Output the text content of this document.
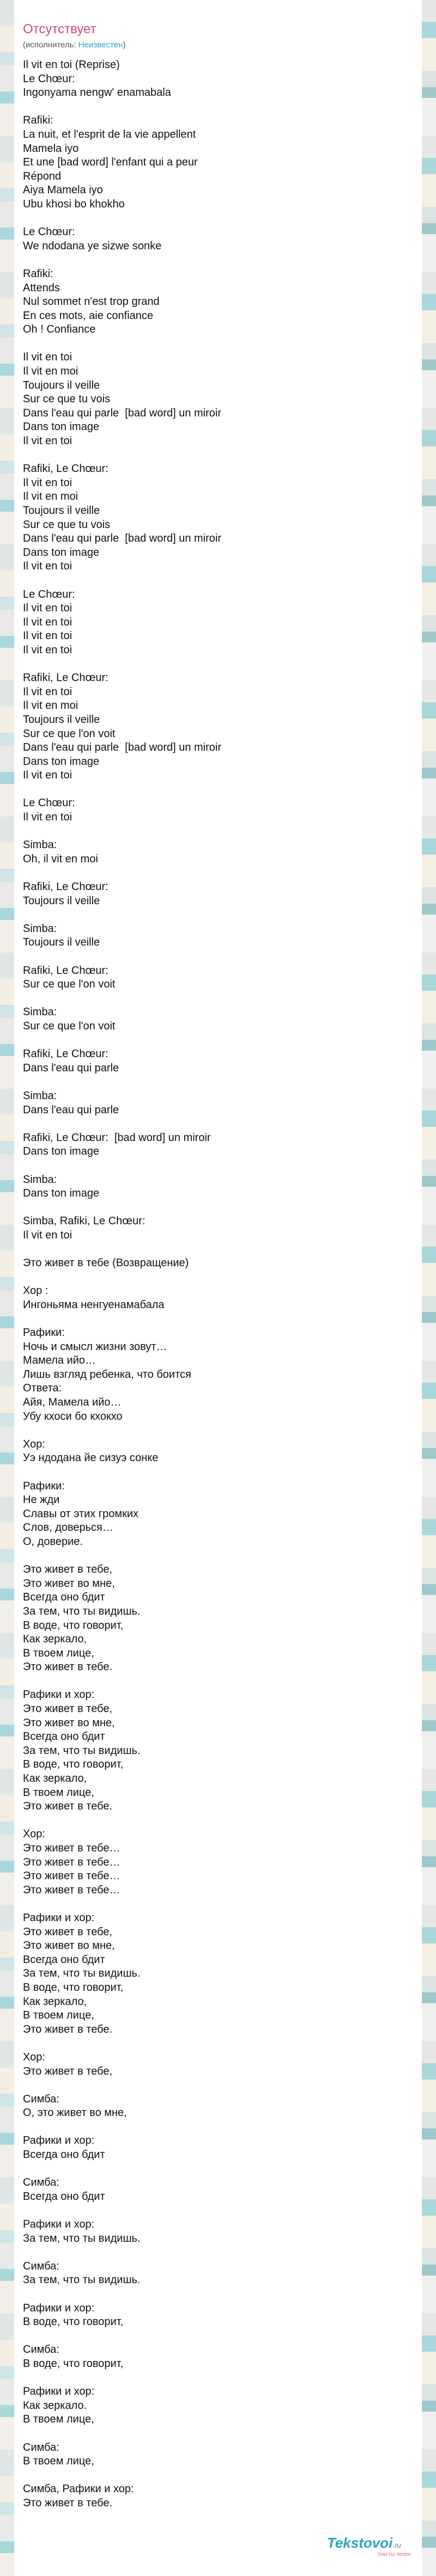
Отсутствует
(исполнитель: Неизвестен)
Il vit en toi (Reprise)
Le Chœur:
Ingonyama nengw' enamabala
Rafiki:
La nuit, et l'esprit de la vie appellent
Mamela iyo
Et une [bad word] l'enfant qui a peur
Répond
Aiya Mamela iyo
Ubu khosi bo khokho
Le Chœur:
We ndodana ye sizwe sonke
Rafiki:
Attends
Nul sommet n'est trop grand
En ces mots, aie confiance
Oh ! Confiance
Il vit en toi
Il vit en moi
Toujours il veille
Sur ce que tu vois
Dans l'eau qui parle  [bad word] un miroir
Dans ton image
Il vit en toi
Rafiki, Le Chœur:
Il vit en toi
Il vit en moi
Toujours il veille
Sur ce que tu vois
Dans l'eau qui parle  [bad word] un miroir
Dans ton image
Il vit en toi
Le Chœur:
Il vit en toi
Il vit en toi
Il vit en toi
Il vit en toi
Rafiki, Le Chœur:
Il vit en toi
Il vit en moi
Toujours il veille
Sur ce que l'on voit
Dans l'eau qui parle  [bad word] un miroir
Dans ton image
Il vit en toi
Le Chœur:
Il vit en toi
Simba:
Oh, il vit en moi
Rafiki, Le Chœur:
Toujours il veille
Simba:
Toujours il veille
Rafiki, Le Chœur:
Sur ce que l'on voit
Simba:
Sur ce que l'on voit
Rafiki, Le Chœur:
Dans l'eau qui parle
Simba:
Dans l'eau qui parle
Rafiki, Le Chœur:  [bad word] un miroir
Dans ton image
Simba:
Dans ton image
Simba, Rafiki, Le Chœur:
Il vit en toi
Это живет в тебе (Возвращение)
Хор :
Ингоньяма ненгуенамабала
Рафики:
Ночь и смысл жизни зовут…
Мамела ийо…
Лишь взгляд ребенка, что боится
Ответа:
Айя, Мамела ийо…
Убу кхоси бо кхокхо
Хор:
Уэ ндодана йе сизуэ сонке
Рафики:
Не жди
Славы от этих громких
Слов, доверься…
О, доверие.
Это живет в тебе,
Это живет во мне,
Всегда оно бдит
За тем, что ты видишь.
В воде, что говорит,
Как зеркало,
В твоем лице,
Это живет в тебе.
Рафики и хор:
Это живет в тебе,
Это живет во мне,
Всегда оно бдит
За тем, что ты видишь.
В воде, что говорит,
Как зеркало,
В твоем лице,
Это живет в тебе.
Хор:
Это живет в тебе…
Это живет в тебе…
Это живет в тебе…
Это живет в тебе…
Рафики и хор:
Это живет в тебе,
Это живет во мне,
Всегда оно бдит
За тем, что ты видишь.
В воде, что говорит,
Как зеркало,
В твоем лице,
Это живет в тебе.
Хор:
Это живет в тебе,
Симба:
О, это живет во мне,
Рафики и хор:
Всегда оно бдит
Симба:
Всегда оно бдит
Рафики и хор:
За тем, что ты видишь.
Симба:
За тем, что ты видишь.
Рафики и хор:
В воде, что говорит,
Симба:
В воде, что говорит,
Рафики и хор:
Как зеркало.
В твоем лице,
Симба:
В твоем лице,
Симба, Рафики и хор:
Это живет в тебе.
Tekstovoi.ru
тексты песен
